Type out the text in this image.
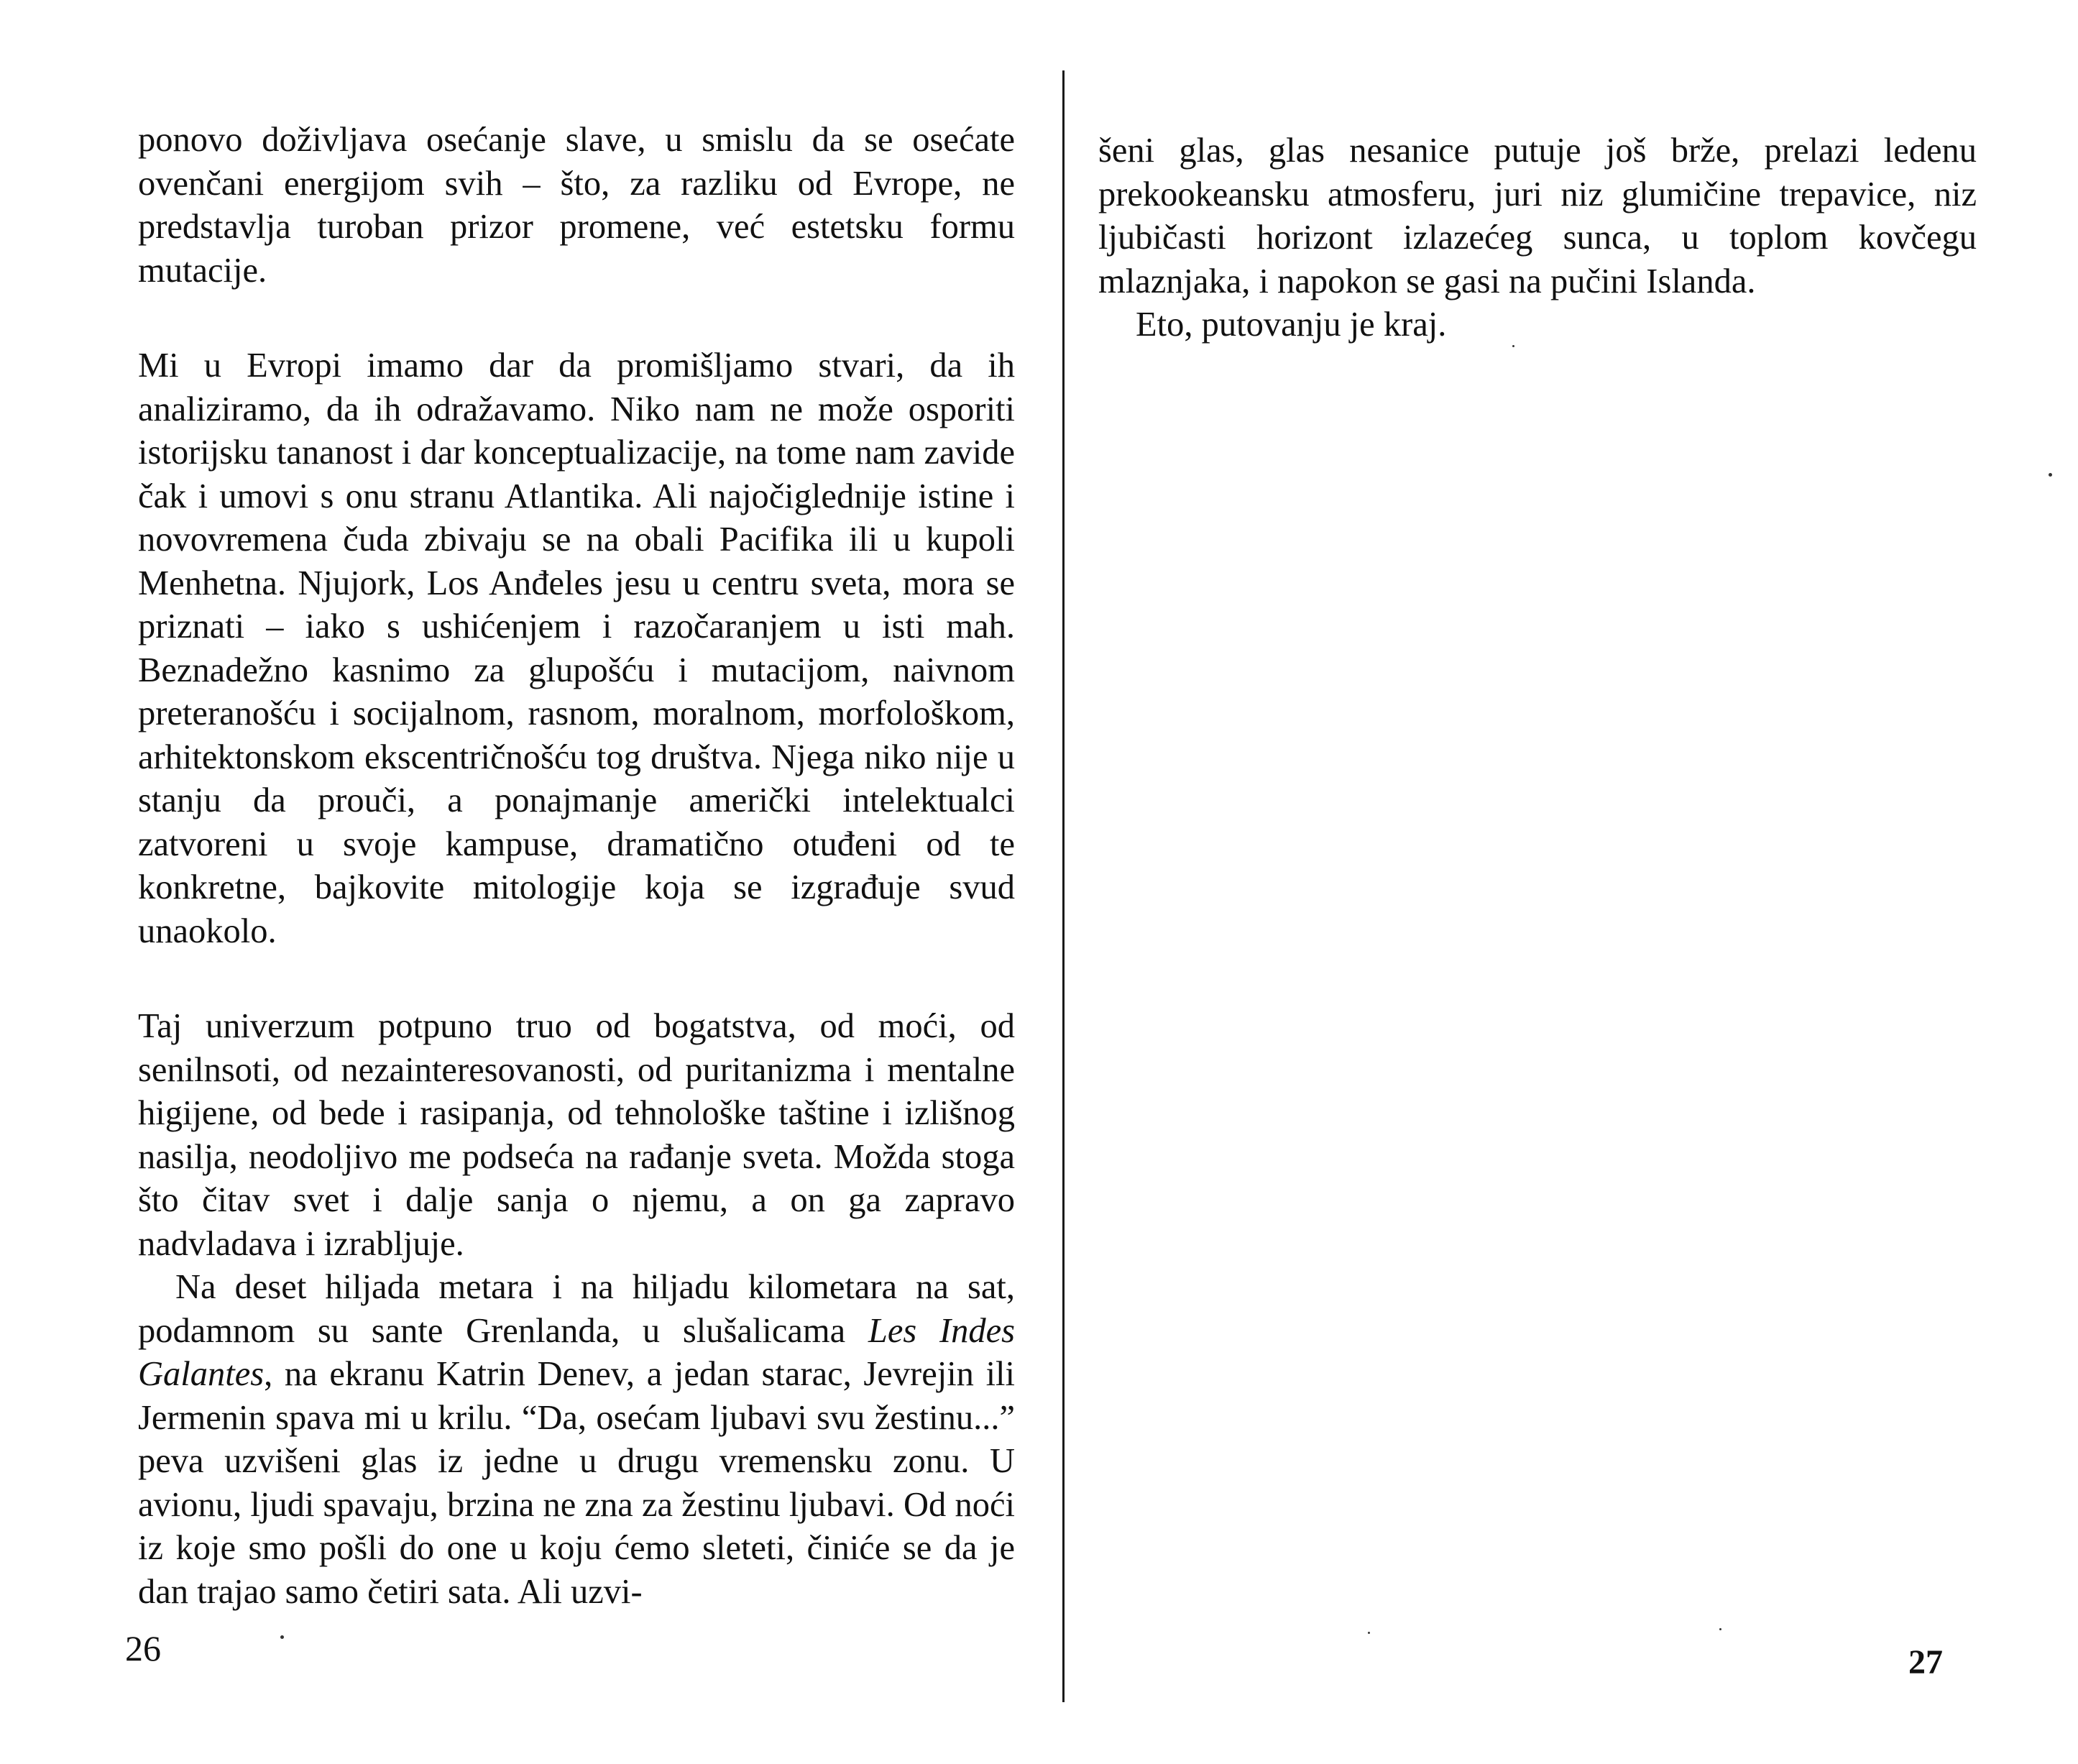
ponovo doživljava osećanje slave, u smislu da se osećate ovenčani energijom svih – što, za razliku od Evrope, ne predstavlja turoban prizor promene, već estetsku formu mutacije.

Mi u Evropi imamo dar da promišljamo stvari, da ih analiziramo, da ih odražavamo. Niko nam ne može osporiti istorijsku tananost i dar konceptualizacije, na tome nam zavide čak i umovi s onu stranu Atlantika. Ali najočiglednije istine i novovremena čuda zbivaju se na obali Pacifika ili u kupoli Menhetna. Njujork, Los Anđeles jesu u centru sveta, mora se priznati – iako s ushićenjem i razočaranjem u isti mah. Beznadežno kasnimo za glupošću i mutacijom, naivnom preteranošću i socijalnom, rasnom, moralnom, morfološkom, arhitektonskom ekscentričnošću tog društva. Njega niko nije u stanju da prouči, a ponajmanje američki intelektualci zatvoreni u svoje kampuse, dramatično otuđeni od te konkretne, bajkovite mitologije koja se izgrađuje svud unaokolo.

Taj univerzum potpuno truo od bogatstva, od moći, od senilnsoti, od nezainteresovanosti, od puritanizma i mentalne higijene, od bede i rasipanja, od tehnološke taštine i izlišnog nasilja, neodoljivo me podseća na rađanje sveta. Možda stoga što čitav svet i dalje sanja o njemu, a on ga zapravo nadvladava i izrabljuje.

Na deset hiljada metara i na hiljadu kilometara na sat, podamnom su sante Grenlanda, u slušalicama Les Indes Galantes, na ekranu Katrin Denev, a jedan starac, Jevrejin ili Jermenin spava mi u krilu. “Da, osećam ljubavi svu žestinu...” peva uzvišeni glas iz jedne u drugu vremensku zonu. U avionu, ljudi spavaju, brzina ne zna za žestinu ljubavi. Od noći iz koje smo pošli do one u koju ćemo sleteti, činiće se da je dan trajao samo četiri sata. Ali uzvi-

šeni glas, glas nesanice putuje još brže, prelazi ledenu prekookeansku atmosferu, juri niz glumičine trepavice, niz ljubičasti horizont izlazećeg sunca, u toplom kovčegu mlaznjaka, i napokon se gasi na pučini Islanda.

Eto, putovanju je kraj.

26	27
